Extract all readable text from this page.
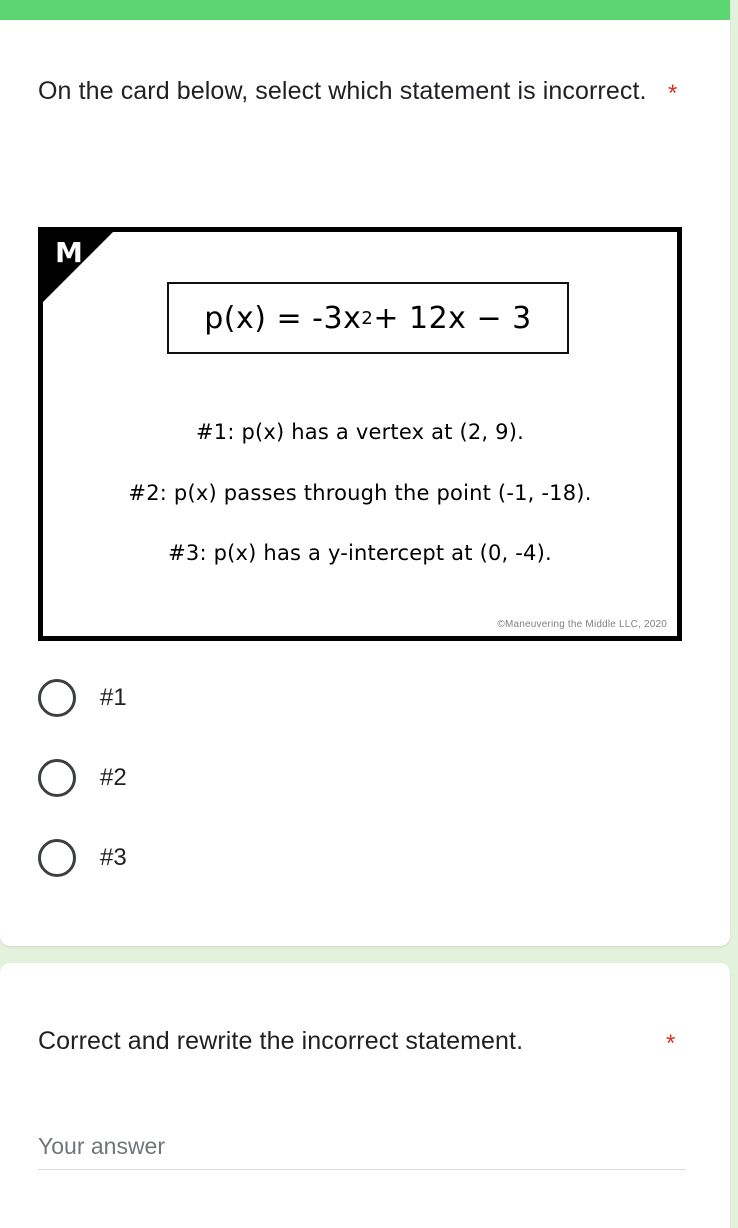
On the card below, select which statement is incorrect. *
M
p(x) = -3x 2 + 12x − 3
#1: p(x) has a vertex at (2, 9).
#2: p(x) passes through the point (-1, -18).
#3: p(x) has a y-intercept at (0, -4).
©Maneuvering the Middle LLC, 2020
#1
#2
#3
Correct and rewrite the incorrect statement.	*
Your answer
